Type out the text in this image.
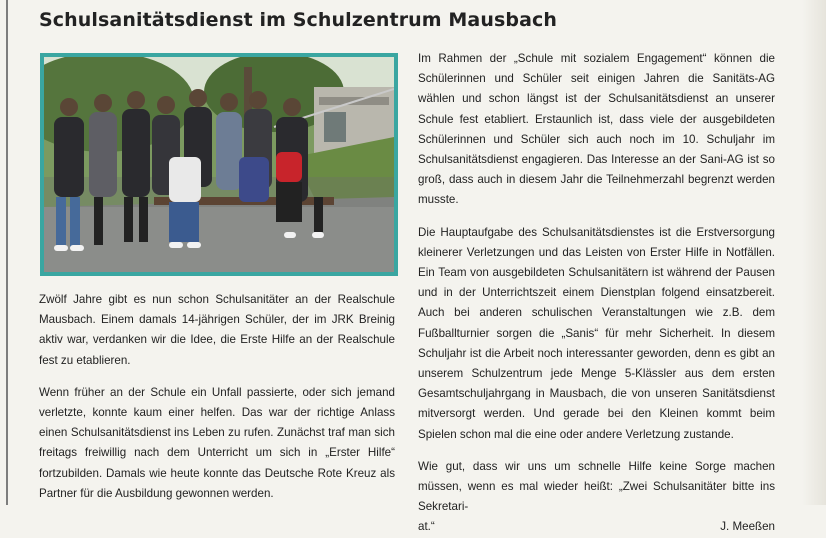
Schulsanitätsdienst im Schulzentrum Mausbach

Zwölf Jahre gibt es nun schon Schulsanitäter an der Realschule Mausbach. Einem damals 14-jährigen Schüler, der im JRK Breinig aktiv war, verdanken wir die Idee, die Erste Hilfe an der Realschule fest zu etablieren.

Wenn früher an der Schule ein Unfall passierte, oder sich jemand verletzte, konnte kaum einer helfen. Das war der richtige Anlass einen Schulsanitätsdienst ins Leben zu rufen. Zunächst traf man sich freitags freiwillig nach dem Unterricht um sich in „Erster Hilfe“ fortzubilden. Damals wie heute konnte das Deutsche Rote Kreuz als Partner für die Ausbildung gewonnen werden.

Im Rahmen der „Schule mit sozialem Engagement“ können die Schülerinnen und Schüler seit einigen Jahren die Sanitäts-AG wählen und schon längst ist der Schulsanitätsdienst an unserer Schule fest etabliert. Erstaunlich ist, dass viele der ausgebildeten Schülerinnen und Schüler sich auch noch im 10. Schuljahr im Schulsanitätsdienst engagieren. Das Interesse an der Sani-AG ist so groß, dass auch in diesem Jahr die Teilnehmerzahl begrenzt werden musste.

Die Hauptaufgabe des Schulsanitätsdienstes ist die Erstversorgung kleinerer Verletzungen und das Leisten von Erster Hilfe in Notfällen. Ein Team von ausgebildeten Schulsanitätern ist während der Pausen und in der Unterrichtszeit einem Dienstplan folgend einsatzbereit. Auch bei anderen schulischen Veranstaltungen wie z.B. dem Fußballturnier sorgen die „Sanis“ für mehr Sicherheit. In diesem Schuljahr ist die Arbeit noch interessanter geworden, denn es gibt an unserem Schulzentrum jede Menge 5-Klässler aus dem ersten Gesamtschuljahrgang in Mausbach, die von unseren Sanitätsdienst mitversorgt werden. Und gerade bei den Kleinen kommt beim Spielen schon mal die eine oder andere Verletzung zustande.

Wie gut, dass wir uns um schnelle Hilfe keine Sorge machen müssen, wenn es mal wieder heißt: „Zwei Schulsanitäter bitte ins Sekretari-
at.“	J. Meeßen
